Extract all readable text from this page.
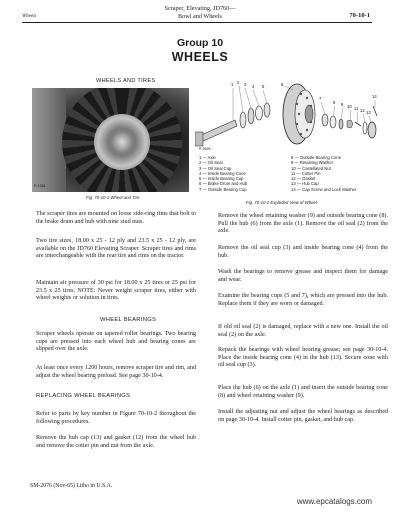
Wheels
Scraper, Elevating, JD760—
Bowl and Wheels	70-10-1
Group 10
WHEELS
WHEELS AND TIRES
R 1361
Fig. 70-10-1 Wheel and Tire
1 2 3 4 5	6
7
8 9 10 11 12 13
14
R 5590
1 — Axle
2 — Oil Seal
3 — Oil Seal Cup
4 — Inside Bearing Cone
5 — Inside Bearing Cup
6 — Brake Drum and Hub
7 — Outside Bearing Cup
8 — Outside Bearing Cone
9 — Retaining Washer
10 — Castellated Nut
11 — Cotter Pin
12 — Gasket
13 — Hub Cap
14 — Cap Screw and Lock Washer
Fig. 70-10-2 Exploded View of Wheel

The scraper tires are mounted on loose side-ring rims that bolt to the brake drum and hub with nine stud nuts.

Two tire sizes, 18.00 x 25 - 12 ply and 23.5 x 25 - 12 ply, are available on the JD760 Elevating Scraper. Scraper tires and rims are interchangeable with the rear tire and rims on the tractor.

Maintain air pressure of 30 psi for 18.00 x 25 tires or 25 psi for 23.5 x 25 tires. NOTE: Never weight scraper tires, either with wheel weights or solution in tires.

WHEEL BEARINGS

Scraper wheels operate on tapered roller bearings. Two bearing cups are pressed into each wheel hub and bearing cones are slipped over the axle.

At least once every 1200 hours, remove scraper tire and rim, and adjust the wheel bearing preload. See page 30-10-4.

REPLACING WHEEL BEARINGS

Refer to parts by key number in Figure 70-10-2 throughout the following procedures.

Remove the hub cap (13) and gasket (12) from the wheel hub and remove the cotter pin and nut from the axle.

Remove the wheel retaining washer (9) and outside bearing cone (8). Pull the hub (6) from the axle (1). Remove the oil seal (2) from the axle.

Remove the oil seal cup (3) and inside bearing cone (4) from the hub.

Wash the bearings to remove grease and inspect them for damage and wear.

Examine the bearing cups (5 and 7), which are pressed into the hub. Replace them if they are worn or damaged.

If old oil seal (2) is damaged, replace with a new one. Install the oil seal (2) on the axle.

Repack the bearings with wheel bearing grease; see page 30-10-4. Place the inside bearing cone (4) in the hub (13). Secure cone with oil seal cup (3).

Place the hub (6) on the axle (1) and insert the outside bearing cone (8) and wheel retaining washer (9).

Install the adjusting nut and adjust the wheel bearings as described on page 30-10-4. Install cotter pin, gasket, and hub cap.

SM-2076 (Nov-65) Litho in U.S.A.
www.epcatalogs.com
